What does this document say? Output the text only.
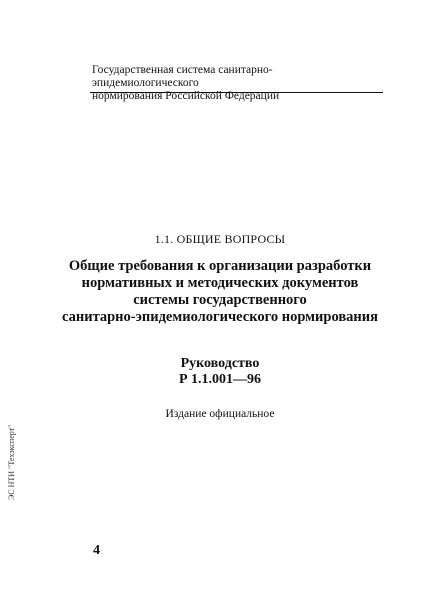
Государственная система санитарно-эпидемиологического
нормирования Российской Федерации
1.1. ОБЩИЕ ВОПРОСЫ
Общие требования к организации разработки
нормативных и методических документов
системы государственного
санитарно-эпидемиологического нормирования
Руководство
Р 1.1.001—96
Издание официальное
4
ЭС НТИ "Техэксперт"
